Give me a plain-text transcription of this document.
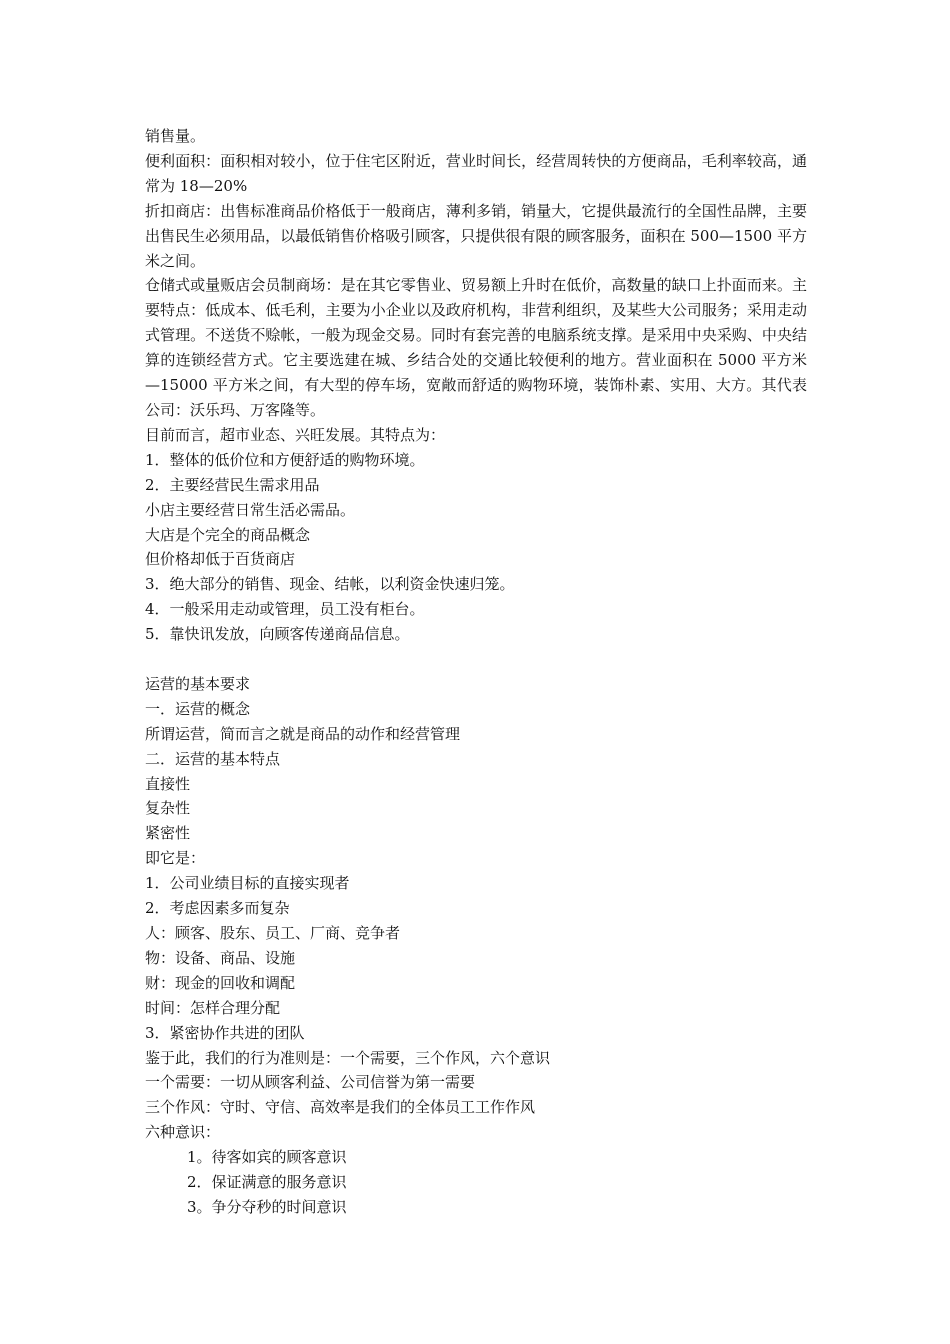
销售量。

便利面积：面积相对较小，位于住宅区附近，营业时间长，经营周转快的方便商品，毛利率较高，通常为 18—20%

折扣商店：出售标准商品价格低于一般商店，薄利多销，销量大，它提供最流行的全国性品牌，主要出售民生必须用品，以最低销售价格吸引顾客，只提供很有限的顾客服务，面积在 500—1500 平方米之间。

仓储式或量贩店会员制商场：是在其它零售业、贸易额上升时在低价，高数量的缺口上扑面而来。主要特点：低成本、低毛利，主要为小企业以及政府机构，非营利组织，及某些大公司服务；采用走动式管理。不送货不赊帐，一般为现金交易。同时有套完善的电脑系统支撑。是采用中央采购、中央结算的连锁经营方式。它主要选建在城、乡结合处的交通比较便利的地方。营业面积在 5000 平方米—15000 平方米之间，有大型的停车场，宽敞而舒适的购物环境，装饰朴素、实用、大方。其代表公司：沃乐玛、万客隆等。

目前而言，超市业态、兴旺发展。其特点为：

1．整体的低价位和方便舒适的购物环境。

2．主要经营民生需求用品

小店主要经营日常生活必需品。

大店是个完全的商品概念

但价格却低于百货商店

3．绝大部分的销售、现金、结帐，以利资金快速归笼。

4．一般采用走动或管理，员工没有柜台。

5．靠快讯发放，向顾客传递商品信息。

运营的基本要求

一．运营的概念

所谓运营，简而言之就是商品的动作和经营管理

二．运营的基本特点

直接性

复杂性

紧密性

即它是：

1．公司业绩目标的直接实现者

2．考虑因素多而复杂

人：顾客、股东、员工、厂商、竞争者

物：设备、商品、设施

财：现金的回收和调配

时间：怎样合理分配

3．紧密协作共进的团队

鉴于此，我们的行为准则是：一个需要，三个作风，六个意识

一个需要：一切从顾客利益、公司信誉为第一需要

三个作风：守时、守信、高效率是我们的全体员工工作作风

六种意识：

1。待客如宾的顾客意识

2．保证满意的服务意识

3。争分夺秒的时间意识
